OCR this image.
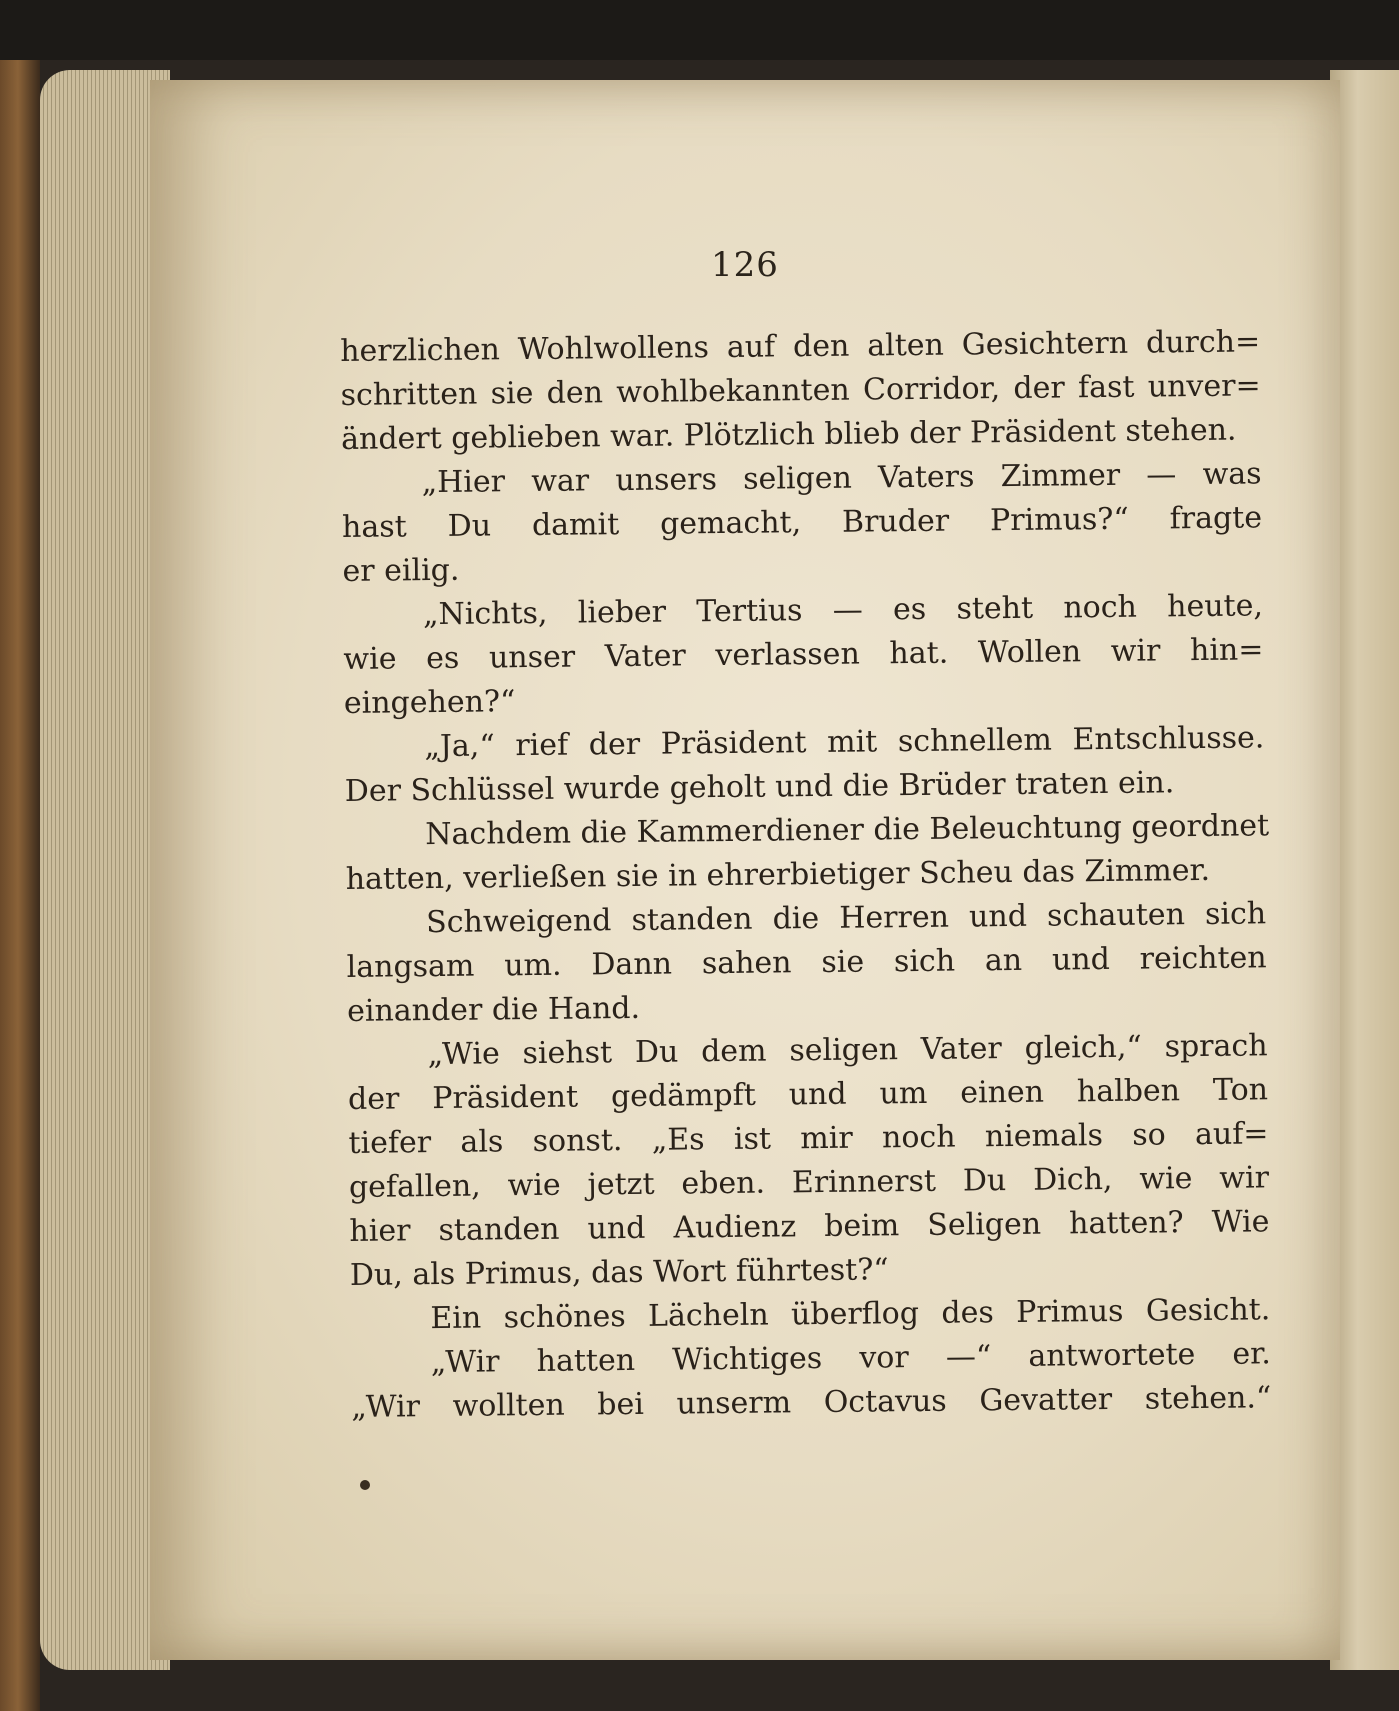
126
herzlichen Wohlwollens auf den alten Gesichtern durch=
schritten sie den wohlbekannten Corridor, der fast unver=
ändert geblieben war. Plötzlich blieb der Präsident stehen.
„Hier war unsers seligen Vaters Zimmer — was
hast Du damit gemacht, Bruder Primus?“ fragte
er eilig.
„Nichts, lieber Tertius — es steht noch heute,
wie es unser Vater verlassen hat. Wollen wir hin=
eingehen?“
„Ja,“ rief der Präsident mit schnellem Entschlusse.
Der Schlüssel wurde geholt und die Brüder traten ein.
Nachdem die Kammerdiener die Beleuchtung geordnet
hatten, verließen sie in ehrerbietiger Scheu das Zimmer.
Schweigend standen die Herren und schauten sich
langsam um. Dann sahen sie sich an und reichten
einander die Hand.
„Wie siehst Du dem seligen Vater gleich,“ sprach
der Präsident gedämpft und um einen halben Ton
tiefer als sonst. „Es ist mir noch niemals so auf=
gefallen, wie jetzt eben. Erinnerst Du Dich, wie wir
hier standen und Audienz beim Seligen hatten? Wie
Du, als Primus, das Wort führtest?“
Ein schönes Lächeln überflog des Primus Gesicht.
„Wir hatten Wichtiges vor —“ antwortete er.
„Wir wollten bei unserm Octavus Gevatter stehen.“
